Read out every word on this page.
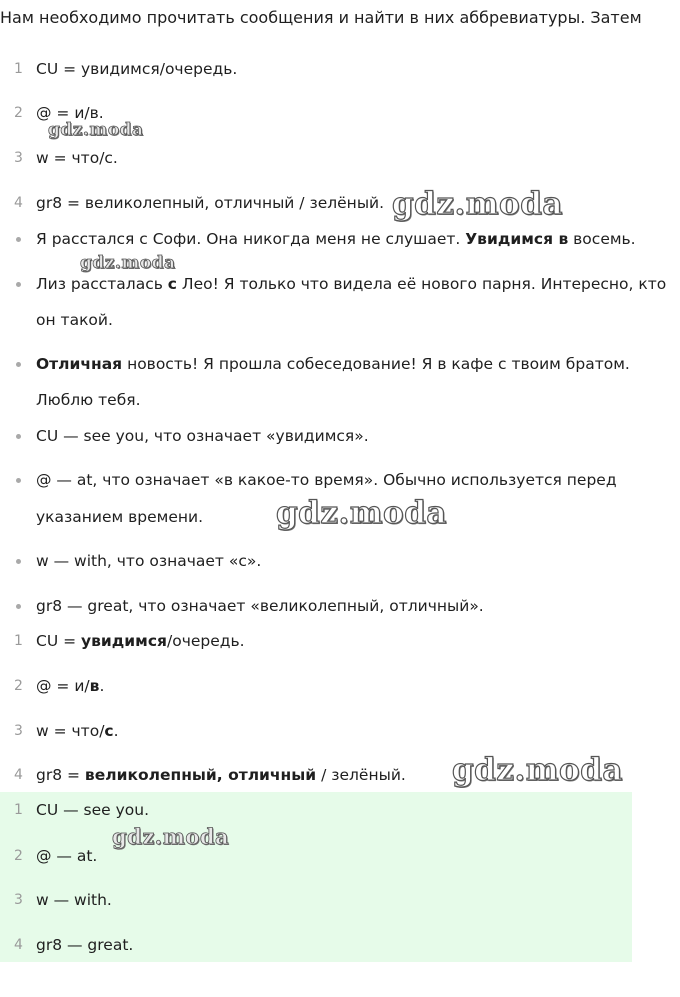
Нам необходимо прочитать сообщения и найти в них аббревиатуры. Затем
1 CU = увидимся/очередь.
2 @ = и/в.
3 w = что/с.
4 gr8 = великолепный, отличный / зелёный.
Я расстался с Софи. Она никогда меня не слушает. Увидимся в восемь.
Лиз рассталась с Лео! Я только что видела её нового парня. Интересно, кто
он такой.
Отличная новость! Я прошла собеседование! Я в кафе с твоим братом.
Люблю тебя.
CU — see you, что означает «увидимся».
@ — at, что означает «в какое-то время». Обычно используется перед
указанием времени.
w — with, что означает «с».
gr8 — great, что означает «великолепный, отличный».
1 CU = увидимся/очередь.
2 @ = и/в.
3 w = что/с.
4 gr8 = великолепный, отличный / зелёный.
1 CU — see you.
2 @ — at.
3 w — with.
4 gr8 — great.
gdz.moda
gdz.moda
gdz.moda
gdz.moda
gdz.moda
gdz.moda
